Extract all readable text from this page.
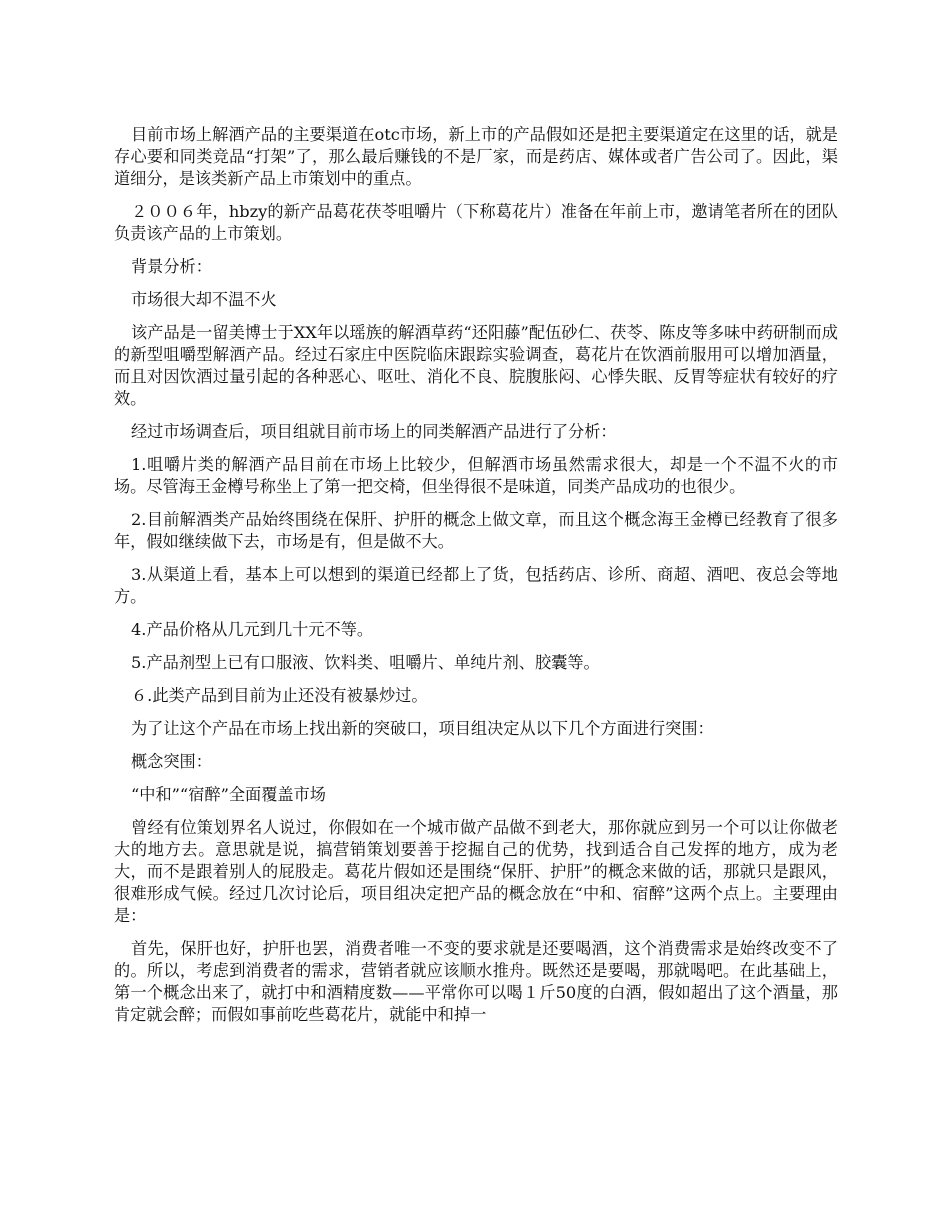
目前市场上解酒产品的主要渠道在otc市场，新上市的产品假如还是把主要渠道定在这里的话，就是存心要和同类竞品“打架”了，那么最后赚钱的不是厂家，而是药店、媒体或者广告公司了。因此，渠道细分，是该类新产品上市策划中的重点。

２００６年，hbzy的新产品葛花茯苓咀嚼片（下称葛花片）准备在年前上市，邀请笔者所在的团队负责该产品的上市策划。

背景分析：

市场很大却不温不火

该产品是一留美博士于XX年以瑶族的解酒草药“还阳藤”配伍砂仁、茯苓、陈皮等多味中药研制而成的新型咀嚼型解酒产品。经过石家庄中医院临床跟踪实验调查，葛花片在饮酒前服用可以增加酒量，而且对因饮酒过量引起的各种恶心、呕吐、消化不良、脘腹胀闷、心悸失眠、反胃等症状有较好的疗效。

经过市场调查后，项目组就目前市场上的同类解酒产品进行了分析：

1.咀嚼片类的解酒产品目前在市场上比较少，但解酒市场虽然需求很大，却是一个不温不火的市场。尽管海王金樽号称坐上了第一把交椅，但坐得很不是味道，同类产品成功的也很少。

2.目前解酒类产品始终围绕在保肝、护肝的概念上做文章，而且这个概念海王金樽已经教育了很多年，假如继续做下去，市场是有，但是做不大。

3.从渠道上看，基本上可以想到的渠道已经都上了货，包括药店、诊所、商超、酒吧、夜总会等地方。

4.产品价格从几元到几十元不等。

5.产品剂型上已有口服液、饮料类、咀嚼片、单纯片剂、胶囊等。

６.此类产品到目前为止还没有被暴炒过。

为了让这个产品在市场上找出新的突破口，项目组决定从以下几个方面进行突围：

概念突围：

“中和”“宿醉”全面覆盖市场

曾经有位策划界名人说过，你假如在一个城市做产品做不到老大，那你就应到另一个可以让你做老大的地方去。意思就是说，搞营销策划要善于挖掘自己的优势，找到适合自己发挥的地方，成为老大，而不是跟着别人的屁股走。葛花片假如还是围绕“保肝、护肝”的概念来做的话，那就只是跟风，很难形成气候。经过几次讨论后，项目组决定把产品的概念放在“中和、宿醉”这两个点上。主要理由是：

首先，保肝也好，护肝也罢，消费者唯一不变的要求就是还要喝酒，这个消费需求是始终改变不了的。所以，考虑到消费者的需求，营销者就应该顺水推舟。既然还是要喝，那就喝吧。在此基础上，第一个概念出来了，就打中和酒精度数——平常你可以喝１斤50度的白酒，假如超出了这个酒量，那肯定就会醉；而假如事前吃些葛花片，就能中和掉一
